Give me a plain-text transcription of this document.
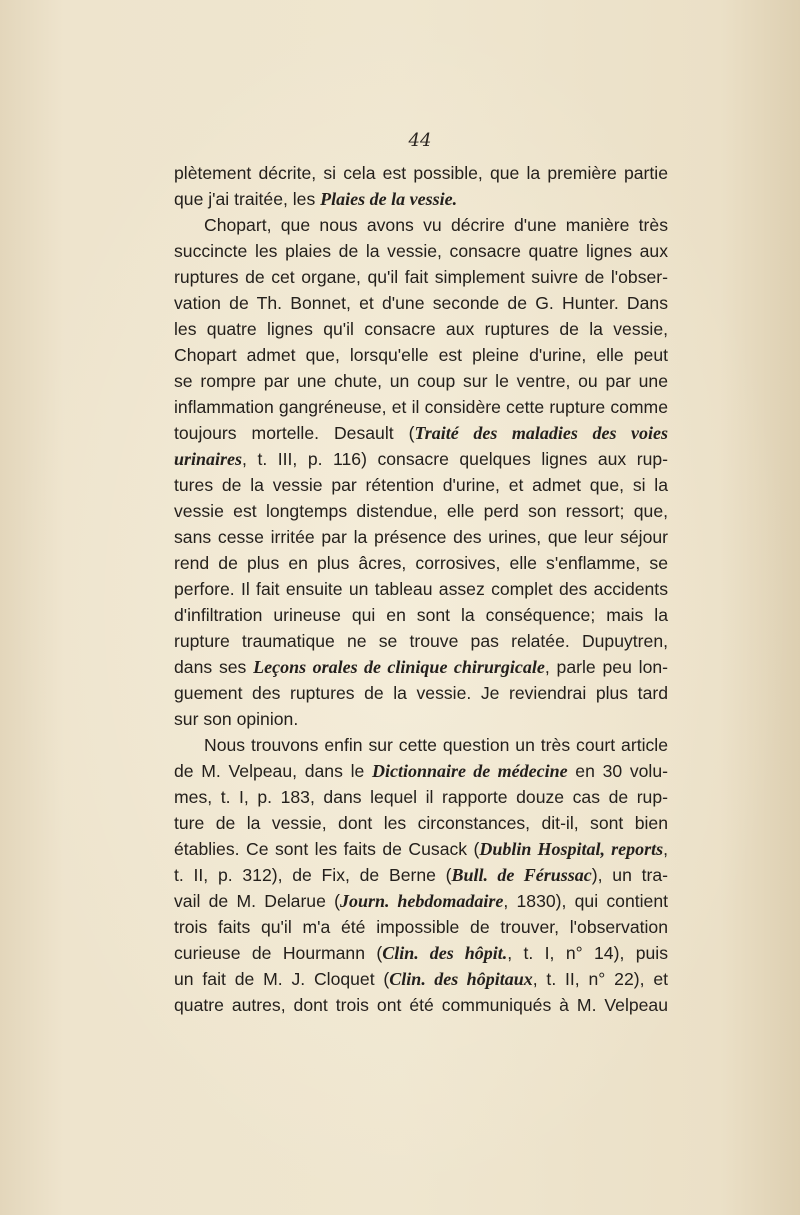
44
plètement décrite, si cela est possible, que la première partie
que j'ai traitée, les Plaies de la vessie.
Chopart, que nous avons vu décrire d'une manière très
succincte les plaies de la vessie, consacre quatre lignes aux
ruptures de cet organe, qu'il fait simplement suivre de l'obser-
vation de Th. Bonnet, et d'une seconde de G. Hunter. Dans
les quatre lignes qu'il consacre aux ruptures de la vessie,
Chopart admet que, lorsqu'elle est pleine d'urine, elle peut
se rompre par une chute, un coup sur le ventre, ou par une
inflammation gangréneuse, et il considère cette rupture comme
toujours mortelle. Desault (Traité des maladies des voies
urinaires, t. III, p. 116) consacre quelques lignes aux rup-
tures de la vessie par rétention d'urine, et admet que, si la
vessie est longtemps distendue, elle perd son ressort; que,
sans cesse irritée par la présence des urines, que leur séjour
rend de plus en plus âcres, corrosives, elle s'enflamme, se
perfore. Il fait ensuite un tableau assez complet des accidents
d'infiltration urineuse qui en sont la conséquence; mais la
rupture traumatique ne se trouve pas relatée. Dupuytren,
dans ses Leçons orales de clinique chirurgicale, parle peu lon-
guement des ruptures de la vessie. Je reviendrai plus tard
sur son opinion.
Nous trouvons enfin sur cette question un très court article
de M. Velpeau, dans le Dictionnaire de médecine en 30 volu-
mes, t. I, p. 183, dans lequel il rapporte douze cas de rup-
ture de la vessie, dont les circonstances, dit-il, sont bien
établies. Ce sont les faits de Cusack (Dublin Hospital, reports,
t. II, p. 312), de Fix, de Berne (Bull. de Férussac), un tra-
vail de M. Delarue (Journ. hebdomadaire, 1830), qui contient
trois faits qu'il m'a été impossible de trouver, l'observation
curieuse de Hourmann (Clin. des hôpit., t. I, n° 14), puis
un fait de M. J. Cloquet (Clin. des hôpitaux, t. II, n° 22), et
quatre autres, dont trois ont été communiqués à M. Velpeau
